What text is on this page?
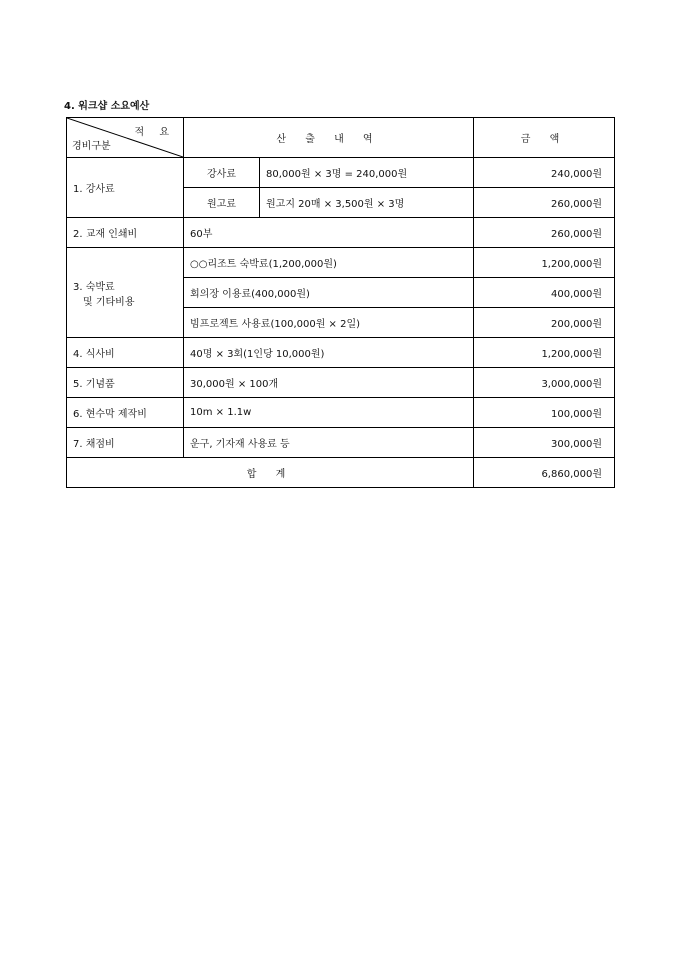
4. 워크샵 소요예산
적 요
경비구분	산 출 내 역		금 액
1. 강사료	강사료	80,000원 × 3명 = 240,000원	240,000원
	원고료	원고지 20매 × 3,500원 × 3명	260,000원
2. 교재 인쇄비	60부		260,000원

3. 숙박료
및 기타비용	○○리조트 숙박료(1,200,000원)		1,200,000원
	회의장 이용료(400,000원)		400,000원
	빔프로젝트 사용료(100,000원 × 2일)		200,000원
4. 식사비	40명 × 3회(1인당 10,000원)		1,200,000원
5. 기념품	30,000원 × 100개		3,000,000원
6. 현수막 제작비	10m × 1.1w		100,000원
7. 채점비	운구, 기자재 사용료 등		300,000원
합 계			6,860,000원
